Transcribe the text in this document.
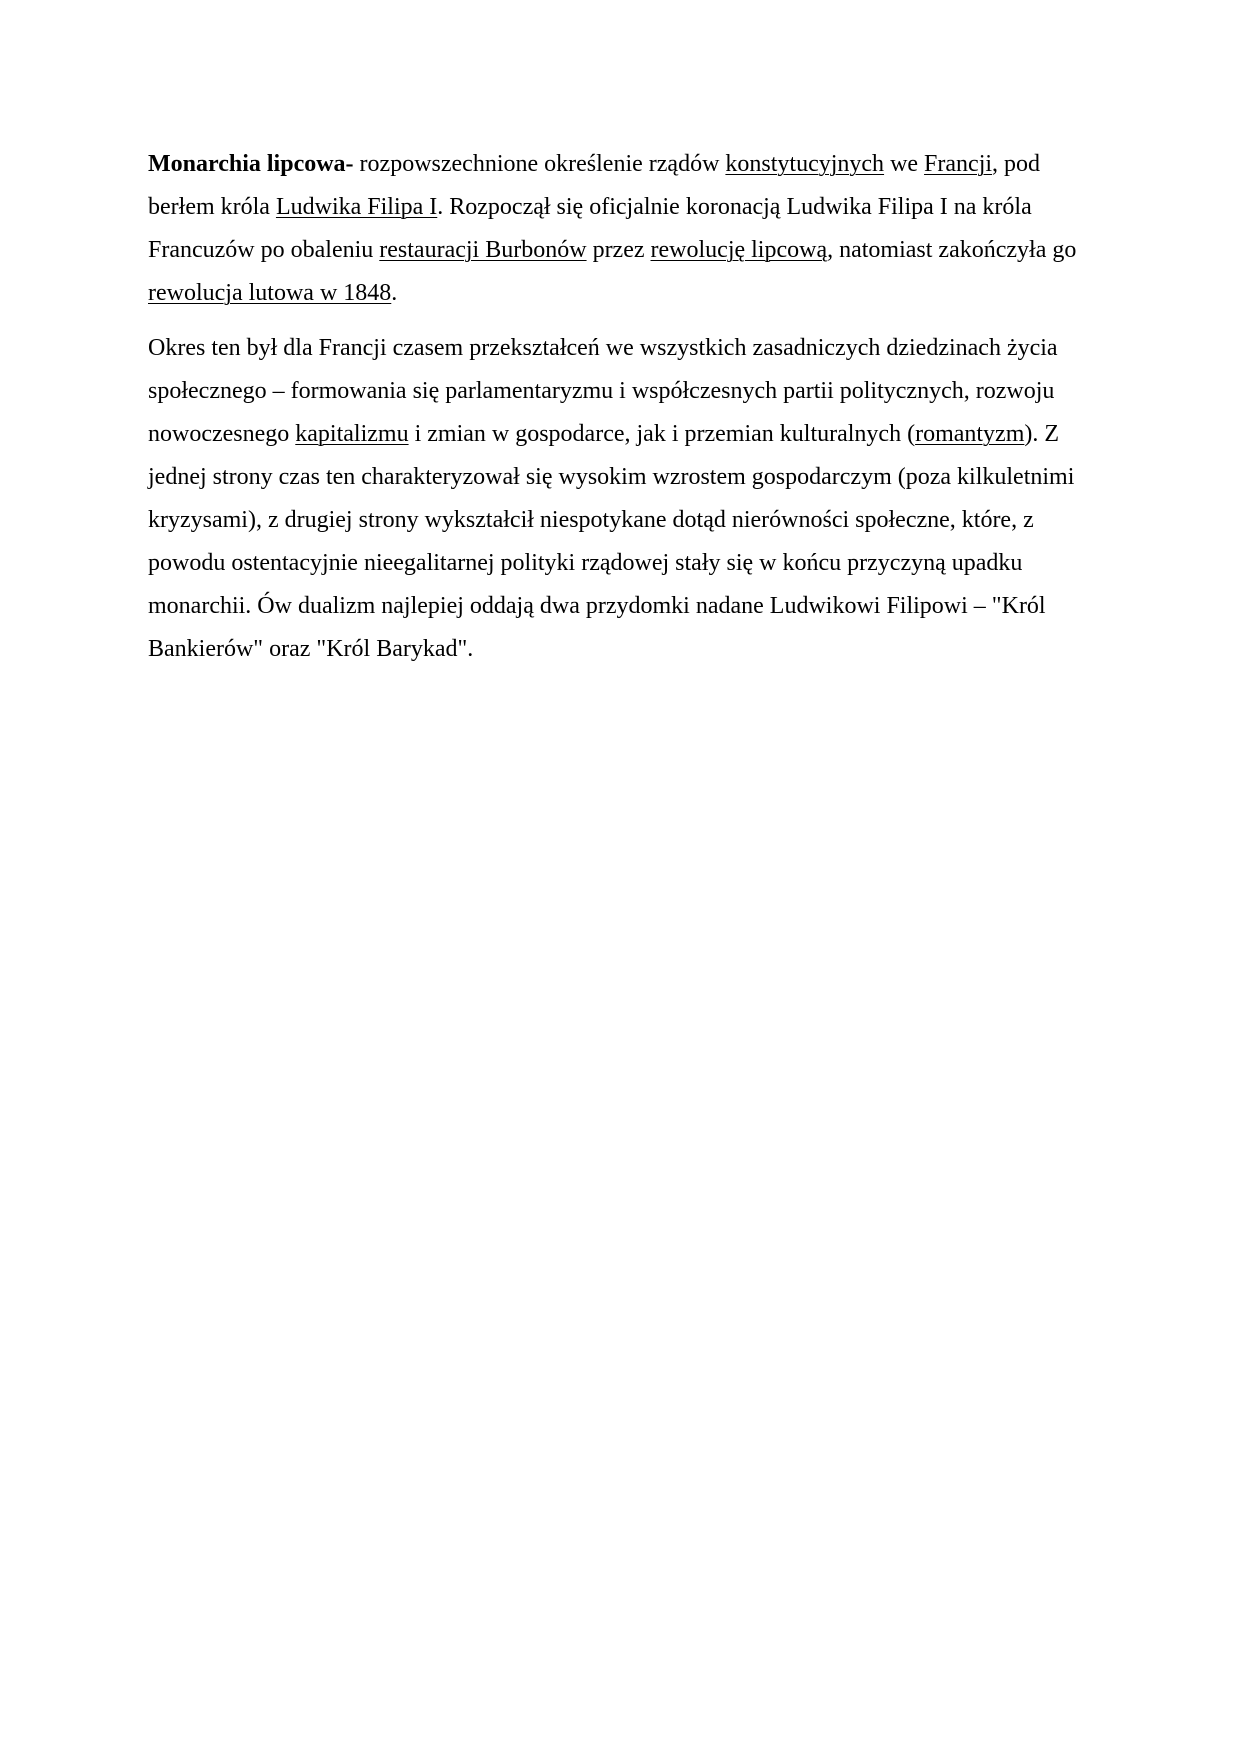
Monarchia lipcowa- rozpowszechnione określenie rządów konstytucyjnych we Francji, pod berłem króla Ludwika Filipa I. Rozpoczął się oficjalnie koronacją Ludwika Filipa I na króla Francuzów po obaleniu restauracji Burbonów przez rewolucję lipcową, natomiast zakończyła go rewolucja lutowa w 1848.

Okres ten był dla Francji czasem przekształceń we wszystkich zasadniczych dziedzinach życia społecznego – formowania się parlamentaryzmu i współczesnych partii politycznych, rozwoju nowoczesnego kapitalizmu i zmian w gospodarce, jak i przemian kulturalnych (romantyzm). Z jednej strony czas ten charakteryzował się wysokim wzrostem gospodarczym (poza kilkuletnimi kryzysami), z drugiej strony wykształcił niespotykane dotąd nierówności społeczne, które, z powodu ostentacyjnie nieegalitarnej polityki rządowej stały się w końcu przyczyną upadku monarchii. Ów dualizm najlepiej oddają dwa przydomki nadane Ludwikowi Filipowi – "Król Bankierów" oraz "Król Barykad".
